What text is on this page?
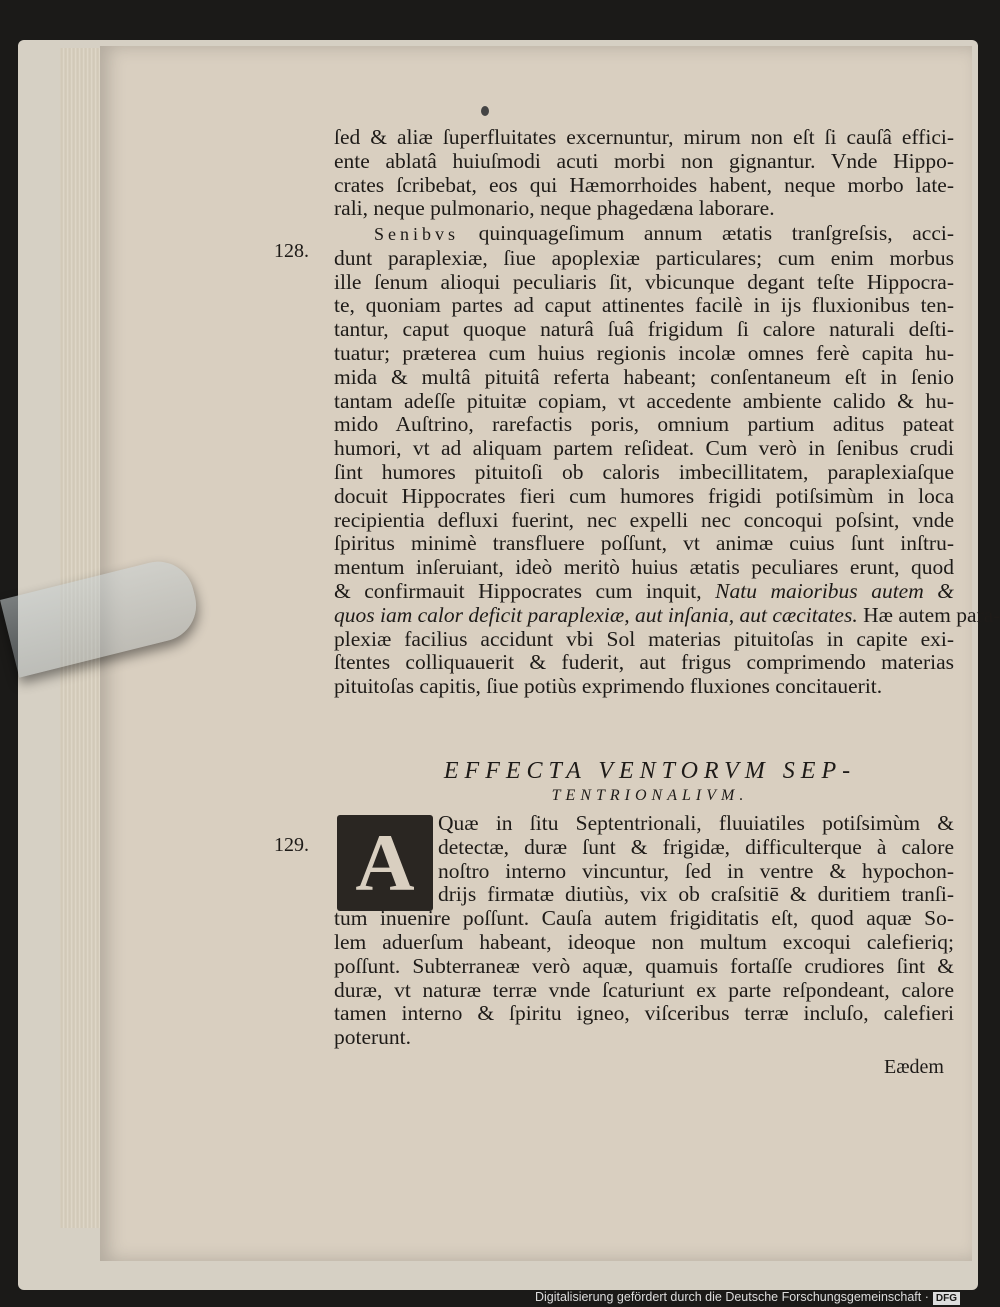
ſed & aliæ ſuperfluitates excernuntur, mirum non eſt ſi cauſâ effici-
ente ablatâ huiuſmodi acuti morbi non gignantur. Vnde Hippo-
crates ſcribebat, eos qui Hæmorrhoides habent, neque morbo late-
rali, neque pulmonario, neque phagedæna laborare.
128.
Senibvs quinquageſimum annum ætatis tranſgreſsis, acci-
dunt paraplexiæ, ſiue apoplexiæ particulares; cum enim morbus
ille ſenum alioqui peculiaris ſit, vbicunque degant teſte Hippocra-
te, quoniam partes ad caput attinentes facilè in ijs fluxionibus ten-
tantur, caput quoque naturâ ſuâ frigidum ſi calore naturali deſti-
tuatur; præterea cum huius regionis incolæ omnes ferè capita hu-
mida & multâ pituitâ referta habeant; conſentaneum eſt in ſenio
tantam adeſſe pituitæ copiam, vt accedente ambiente calido & hu-
mido Auſtrino, rarefactis poris, omnium partium aditus pateat
humori, vt ad aliquam partem reſideat. Cum verò in ſenibus crudi
ſint humores pituitoſi ob caloris imbecillitatem, paraplexiaſque
docuit Hippocrates fieri cum humores frigidi potiſsimùm in loca
recipientia defluxi fuerint, nec expelli nec concoqui poſsint, vnde
ſpiritus minimè transfluere poſſunt, vt animæ cuius ſunt inſtru-
mentum inſeruiant, ideò meritò huius ætatis peculiares erunt, quod
& confirmauit Hippocrates cum inquit, Natu maioribus autem &
quos iam calor deficit paraplexiæ, aut inſania, aut cæcitates. Hæ autem para-
plexiæ facilius accidunt vbi Sol materias pituitoſas in capite exi-
ſtentes colliquauerit & fuderit, aut frigus comprimendo materias
pituitoſas capitis, ſiue potiùs exprimendo fluxiones concitauerit.
EFFECTA VENTORVM SEP-
TENTRIONALIVM.
129. A	Quæ in ſitu Septentrionali, fluuiatiles potiſsimùm &
detectæ, duræ ſunt & frigidæ, difficulterque à calore
noſtro interno vincuntur, ſed in ventre & hypochon-
drijs firmatæ diutiùs, vix ob craſsitiē & duritiem tranſi-
tum inuenire poſſunt. Cauſa autem frigiditatis eſt, quod aquæ So-
lem aduerſum habeant, ideoque non multum excoqui calefieriq;
poſſunt. Subterraneæ verò aquæ, quamuis fortaſſe crudiores ſint &
duræ, vt naturæ terræ vnde ſcaturiunt ex parte reſpondeant, calore
tamen interno & ſpiritu igneo, viſceribus terræ incluſo, calefieri
poterunt.
Eædem
Digitalisierung gefördert durch die Deutsche Forschungsgemeinschaft · DFG
